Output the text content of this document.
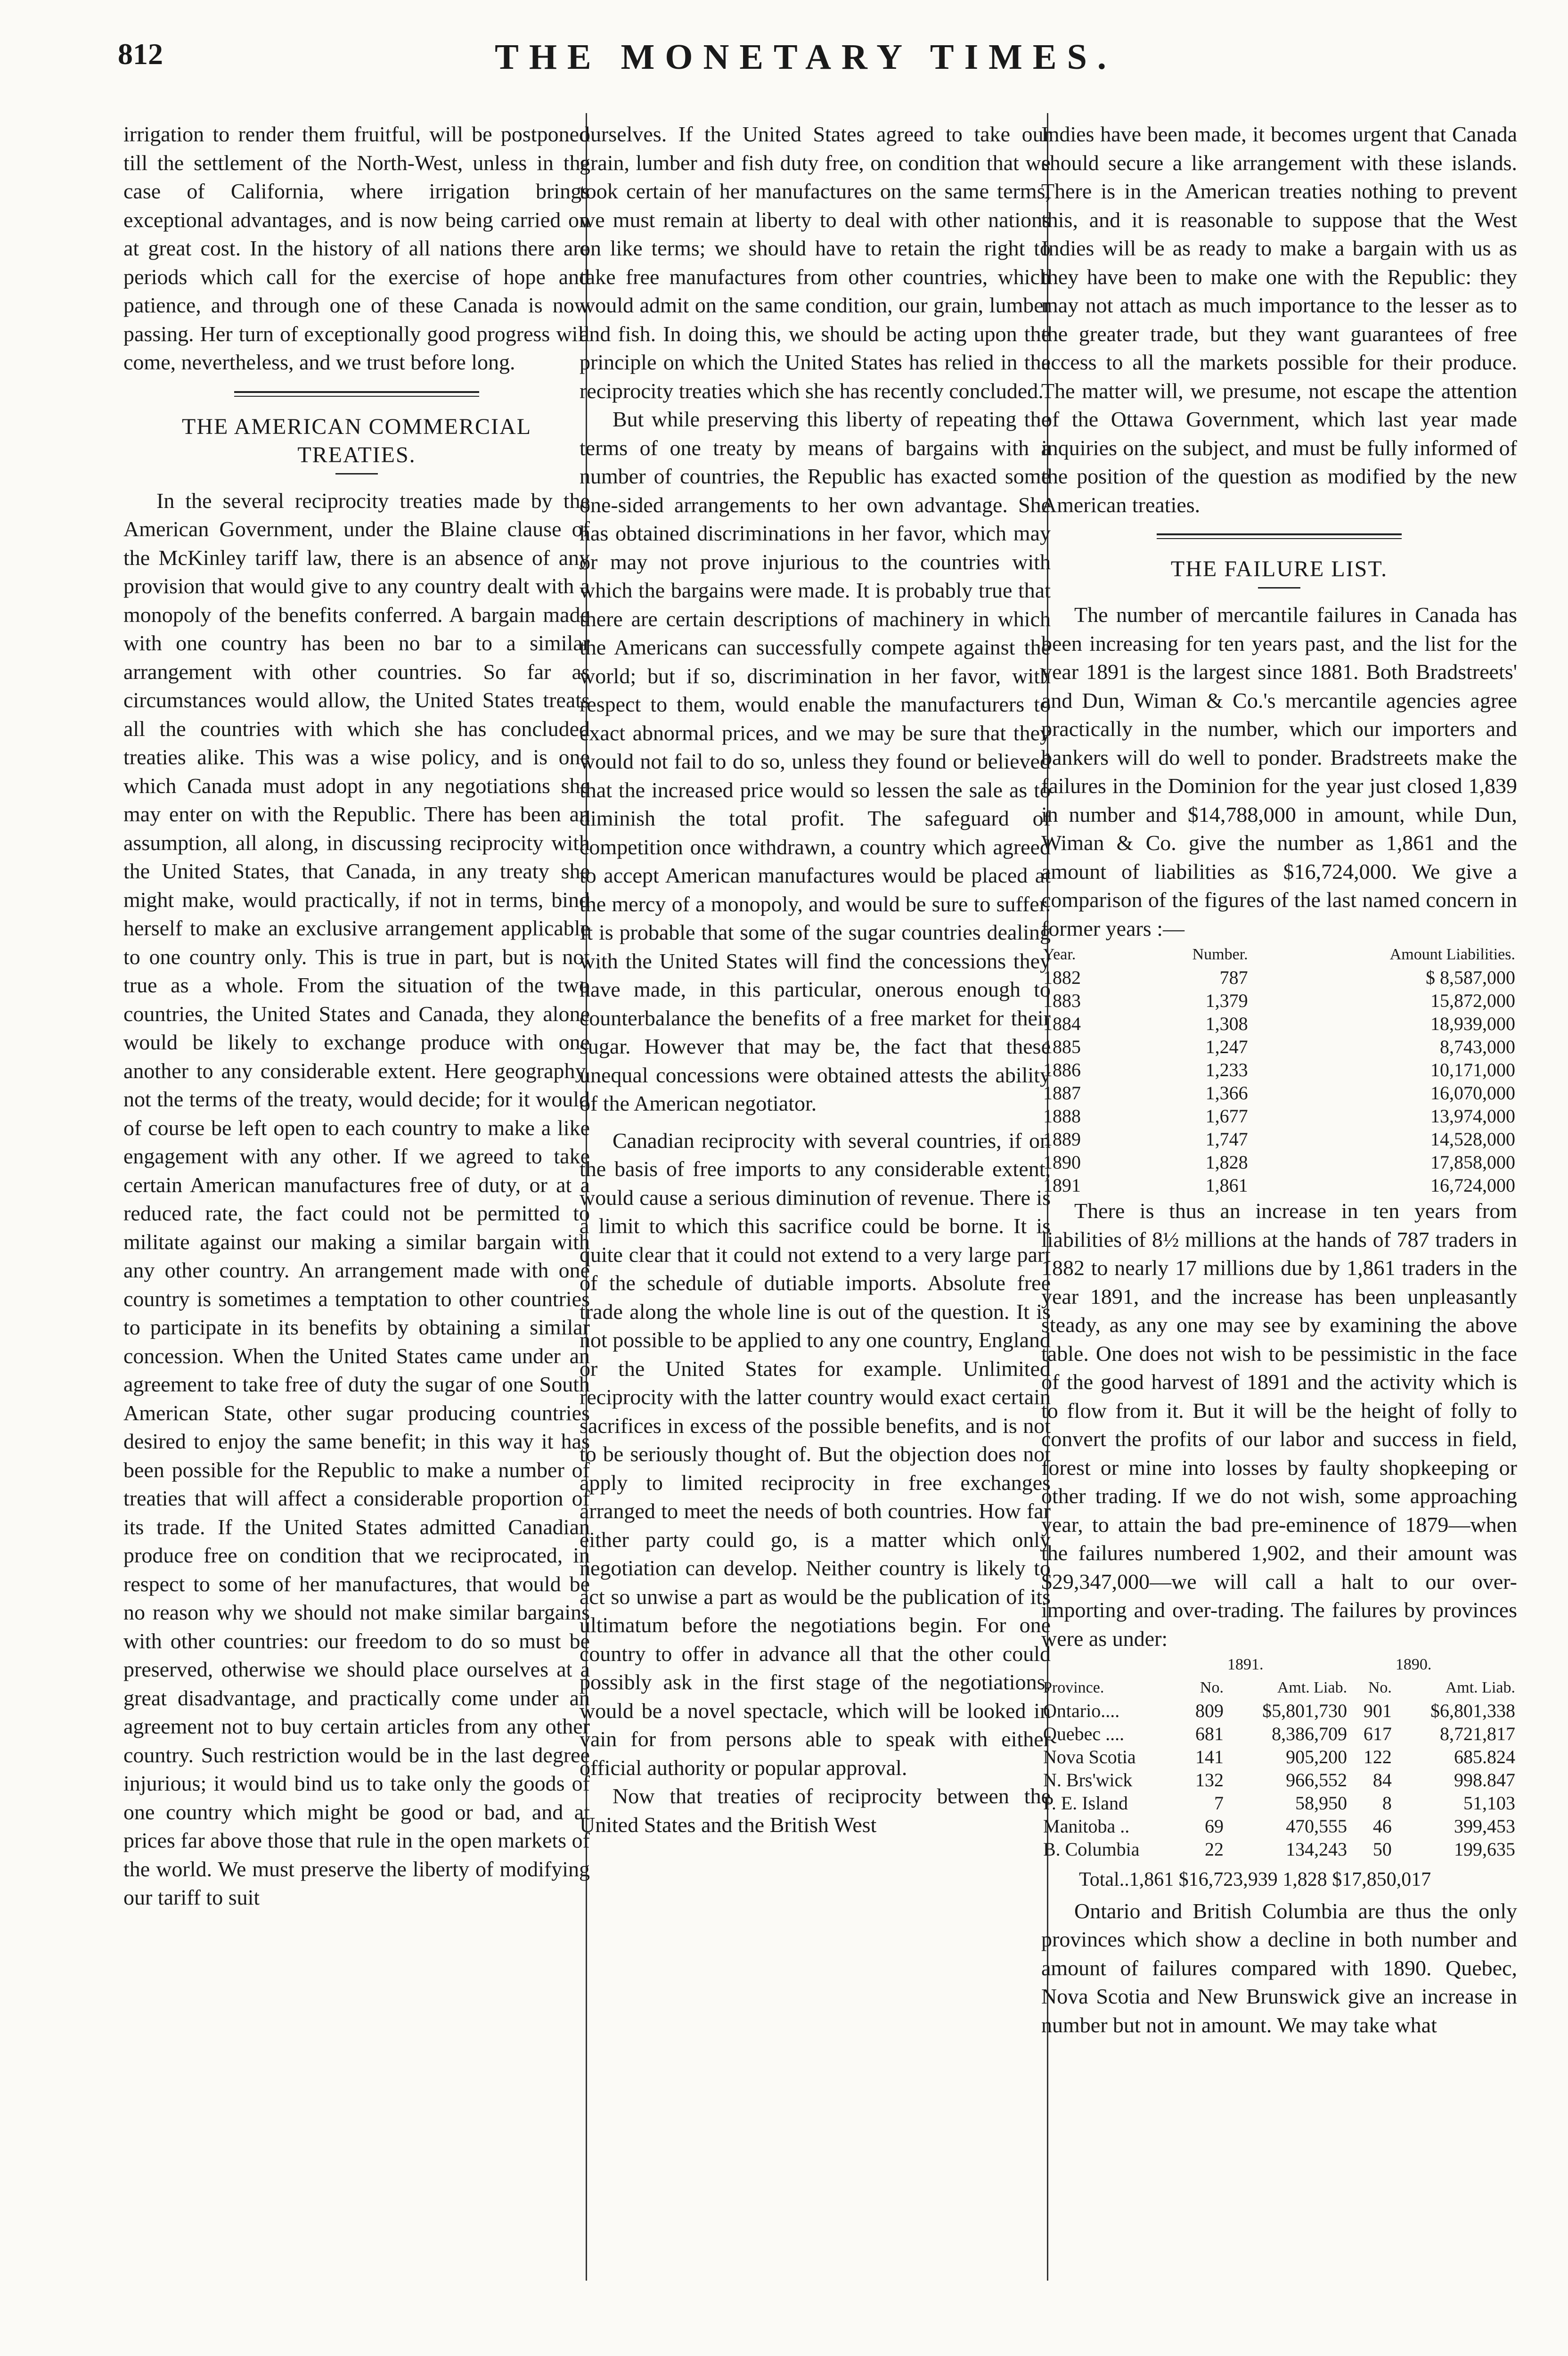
812	THE MONETARY TIMES.

irrigation to render them fruitful, will be postponed till the settlement of the North-West, unless in the case of California, where irrigation brings exceptional advantages, and is now being carried on at great cost. In the history of all nations there are periods which call for the exercise of hope and patience, and through one of these Canada is now passing. Her turn of exceptionally good progress will come, nevertheless, and we trust before long.

THE AMERICAN COMMERCIAL TREATIES.

In the several reciprocity treaties made by the American Government, under the Blaine clause of the McKinley tariff law, there is an absence of any provision that would give to any country dealt with a monopoly of the benefits conferred. A bargain made with one country has been no bar to a similar arrangement with other countries. So far as circumstances would allow, the United States treats all the countries with which she has concluded treaties alike. This was a wise policy, and is one which Canada must adopt in any negotiations she may enter on with the Republic. There has been an assumption, all along, in discussing reciprocity with the United States, that Canada, in any treaty she might make, would practically, if not in terms, bind herself to make an exclusive arrangement applicable to one country only. This is true in part, but is not true as a whole. From the situation of the two countries, the United States and Canada, they alone would be likely to exchange produce with one another to any considerable extent. Here geography, not the terms of the treaty, would decide; for it would of course be left open to each country to make a like engagement with any other. If we agreed to take certain American manufactures free of duty, or at a reduced rate, the fact could not be permitted to militate against our making a similar bargain with any other country. An arrangement made with one country is sometimes a temptation to other countries to participate in its benefits by obtaining a similar concession. When the United States came under an agreement to take free of duty the sugar of one South American State, other sugar producing countries desired to enjoy the same benefit; in this way it has been possible for the Republic to make a number of treaties that will affect a considerable proportion of its trade. If the United States admitted Canadian produce free on condition that we reciprocated, in respect to some of her manufactures, that would be no reason why we should not make similar bargains with other countries: our freedom to do so must be preserved, otherwise we should place ourselves at a great disadvantage, and practically come under an agreement not to buy certain articles from any other country. Such restriction would be in the last degree injurious; it would bind us to take only the goods of one country which might be good or bad, and at prices far above those that rule in the open markets of the world. We must preserve the liberty of modifying our tariff to suit

ourselves. If the United States agreed to take our grain, lumber and fish duty free, on condition that we took certain of her manufactures on the same terms, we must remain at liberty to deal with other nations on like terms; we should have to retain the right to take free manufactures from other countries, which would admit on the same condition, our grain, lumber and fish. In doing this, we should be acting upon the principle on which the United States has relied in the reciprocity treaties which she has recently concluded.

But while preserving this liberty of repeating the terms of one treaty by means of bargains with a number of countries, the Republic has exacted some one-sided arrangements to her own advantage. She has obtained discriminations in her favor, which may or may not prove injurious to the countries with which the bargains were made. It is probably true that there are certain descriptions of machinery in which the Americans can successfully compete against the world; but if so, discrimination in her favor, with respect to them, would enable the manufacturers to exact abnormal prices, and we may be sure that they would not fail to do so, unless they found or believed that the increased price would so lessen the sale as to diminish the total profit. The safeguard of competition once withdrawn, a country which agreed to accept American manufactures would be placed at the mercy of a monopoly, and would be sure to suffer. It is probable that some of the sugar countries dealing with the United States will find the concessions they have made, in this particular, onerous enough to counterbalance the benefits of a free market for their sugar. However that may be, the fact that these unequal concessions were obtained attests the ability of the American negotiator.

Canadian reciprocity with several countries, if on the basis of free imports to any considerable extent, would cause a serious diminution of revenue. There is a limit to which this sacrifice could be borne. It is quite clear that it could not extend to a very large part of the schedule of dutiable imports. Absolute free trade along the whole line is out of the question. It is not possible to be applied to any one country, England or the United States for example. Unlimited reciprocity with the latter country would exact certain sacrifices in excess of the possible benefits, and is not to be seriously thought of. But the objection does not apply to limited reciprocity in free exchanges arranged to meet the needs of both countries. How far either party could go, is a matter which only negotiation can develop. Neither country is likely to act so unwise a part as would be the publication of its ultimatum before the negotiations begin. For one country to offer in advance all that the other could possibly ask in the first stage of the negotiations, would be a novel spectacle, which will be looked in vain for from persons able to speak with either official authority or popular approval.

Now that treaties of reciprocity between the United States and the British West

Indies have been made, it becomes urgent that Canada should secure a like arrangement with these islands. There is in the American treaties nothing to prevent this, and it is reasonable to suppose that the West Indies will be as ready to make a bargain with us as they have been to make one with the Republic: they may not attach as much importance to the lesser as to the greater trade, but they want guarantees of free access to all the markets possible for their produce. The matter will, we presume, not escape the attention of the Ottawa Government, which last year made inquiries on the subject, and must be fully informed of the position of the question as modified by the new American treaties.

THE FAILURE LIST.

The number of mercantile failures in Canada has been increasing for ten years past, and the list for the year 1891 is the largest since 1881. Both Bradstreets' and Dun, Wiman & Co.'s mercantile agencies agree practically in the number, which our importers and bankers will do well to ponder. Bradstreets make the failures in the Dominion for the year just closed 1,839 in number and $14,788,000 in amount, while Dun, Wiman & Co. give the number as 1,861 and the amount of liabilities as $16,724,000. We give a comparison of the figures of the last named concern in former years :—

Year.	Number.	Amount Liabilities.
1882	787	$ 8,587,000
1883	1,379	15,872,000
1884	1,308	18,939,000
1885	1,247	8,743,000
1886	1,233	10,171,000
1887	1,366	16,070,000
1888	1,677	13,974,000
1889	1,747	14,528,000
1890	1,828	17,858,000
1891	1,861	16,724,000

There is thus an increase in ten years from liabilities of 8½ millions at the hands of 787 traders in 1882 to nearly 17 millions due by 1,861 traders in the year 1891, and the increase has been unpleasantly steady, as any one may see by examining the above table. One does not wish to be pessimistic in the face of the good harvest of 1891 and the activity which is to flow from it. But it will be the height of folly to convert the profits of our labor and success in field, forest or mine into losses by faulty shopkeeping or other trading. If we do not wish, some approaching year, to attain the bad pre-eminence of 1879—when the failures numbered 1,902, and their amount was $29,347,000—we will call a halt to our over-importing and over-trading. The failures by provinces were as under:

		1891.		1890.
Province.	No.	Amt. Liab.	No.	Amt. Liab.
Ontario....	809	$5,801,730	901	$6,801,338
Quebec ....	681	8,386,709	617	8,721,817
Nova Scotia	141	905,200	122	685.824
N. Brs'wick	132	966,552	84	998.847
P. E. Island	7	58,950	8	51,103
Manitoba ..	69	470,555	46	399,453
B. Columbia	22	134,243	50	199,635
Total..1,861 $16,723,939 1,828 $17,850,017

Ontario and British Columbia are thus the only provinces which show a decline in both number and amount of failures compared with 1890. Quebec, Nova Scotia and New Brunswick give an increase in number but not in amount. We may take what
